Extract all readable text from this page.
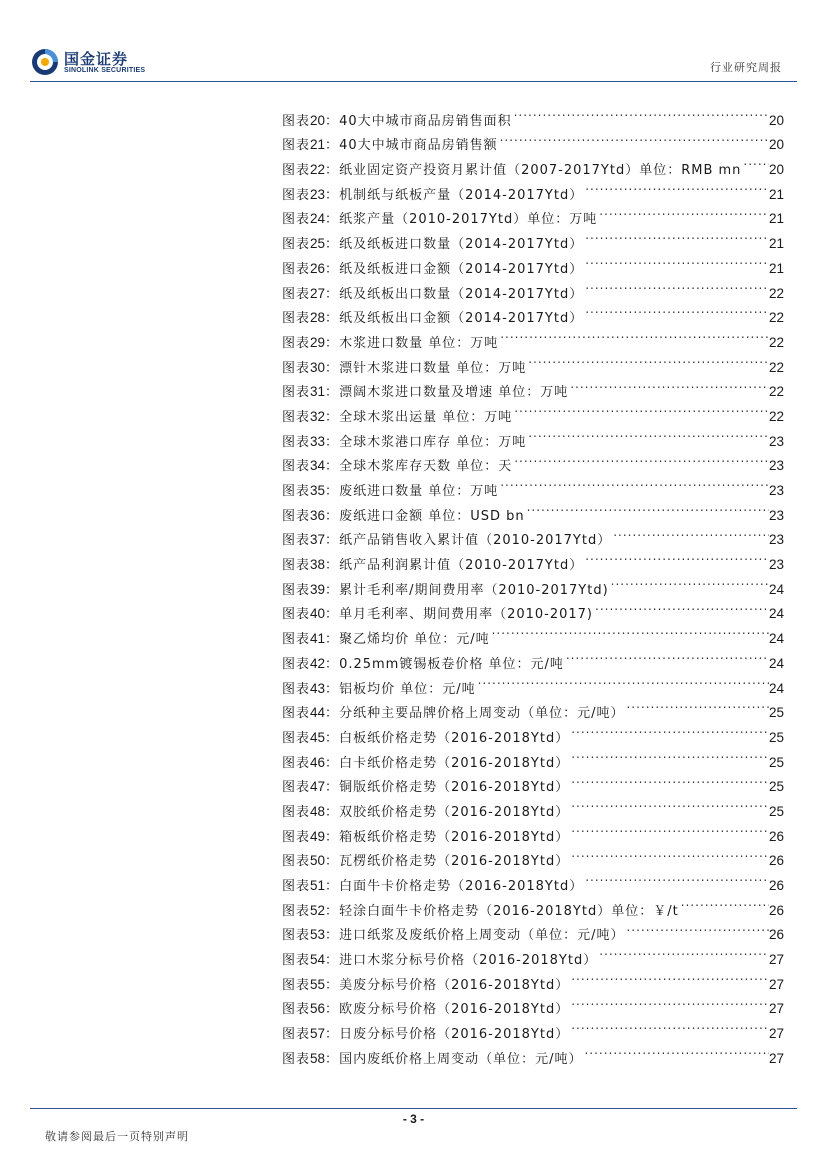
国金证券
SINOLINK SECURITIES	行业研究周报
图表20： 40大中城市商品房销售面积 .....	20
图表21： 40大中城市商品房销售额 .....	20
图表22： 纸业固定资产投资月累计值（2007-2017Ytd）单位：RMB mn ..... 20
图表23： 机制纸与纸板产量（2014-2017Ytd） .....	21
图表24： 纸浆产量（2010-2017Ytd）单位：万吨 .....	21
图表25： 纸及纸板进口数量（2014-2017Ytd） .....	21
图表26： 纸及纸板进口金额（2014-2017Ytd） .....	21
图表27： 纸及纸板出口数量（2014-2017Ytd） .....	22
图表28： 纸及纸板出口金额（2014-2017Ytd） .....	22
图表29： 木浆进口数量 单位：万吨 .....	22
图表30： 漂针木浆进口数量 单位：万吨 .....	22
图表31： 漂阔木浆进口数量及增速 单位：万吨 .....	22
图表32： 全球木浆出运量 单位：万吨 .....	22
图表33： 全球木浆港口库存 单位：万吨 .....	23
图表34： 全球木浆库存天数 单位：天 .....	23
图表35： 废纸进口数量 单位：万吨 .....	23
图表36： 废纸进口金额 单位：USD bn .....	23
图表37： 纸产品销售收入累计值（2010-2017Ytd） .....	23
图表38： 纸产品利润累计值（2010-2017Ytd） .....	23
图表39： 累计毛利率/期间费用率（2010-2017Ytd) .....	24
图表40： 单月毛利率、期间费用率（2010-2017) .....	24
图表41： 聚乙烯均价 单位：元/吨 .....	24
图表42： 0.25mm镀锡板卷价格 单位：元/吨 .....	24
图表43： 铝板均价 单位：元/吨 .....	24
图表44： 分纸种主要品牌价格上周变动（单位：元/吨） .....	25
图表45： 白板纸价格走势（2016-2018Ytd） .....	25
图表46： 白卡纸价格走势（2016-2018Ytd） .....	25
图表47： 铜版纸价格走势（2016-2018Ytd） .....	25
图表48： 双胶纸价格走势（2016-2018Ytd） .....	25
图表49： 箱板纸价格走势（2016-2018Ytd） .....	26
图表50： 瓦楞纸价格走势（2016-2018Ytd） .....	26
图表51： 白面牛卡价格走势（2016-2018Ytd） .....	26
图表52： 轻涂白面牛卡价格走势（2016-2018Ytd）单位：￥/t .....	26
图表53： 进口纸浆及废纸价格上周变动（单位：元/吨） .....	26
图表54： 进口木浆分标号价格（2016-2018Ytd） .....	27
图表55： 美废分标号价格（2016-2018Ytd） .....	27
图表56： 欧废分标号价格（2016-2018Ytd） .....	27
图表57： 日废分标号价格（2016-2018Ytd） .....	27
图表58： 国内废纸价格上周变动（单位：元/吨） .....	27
- 3 -
敬请参阅最后一页特别声明
